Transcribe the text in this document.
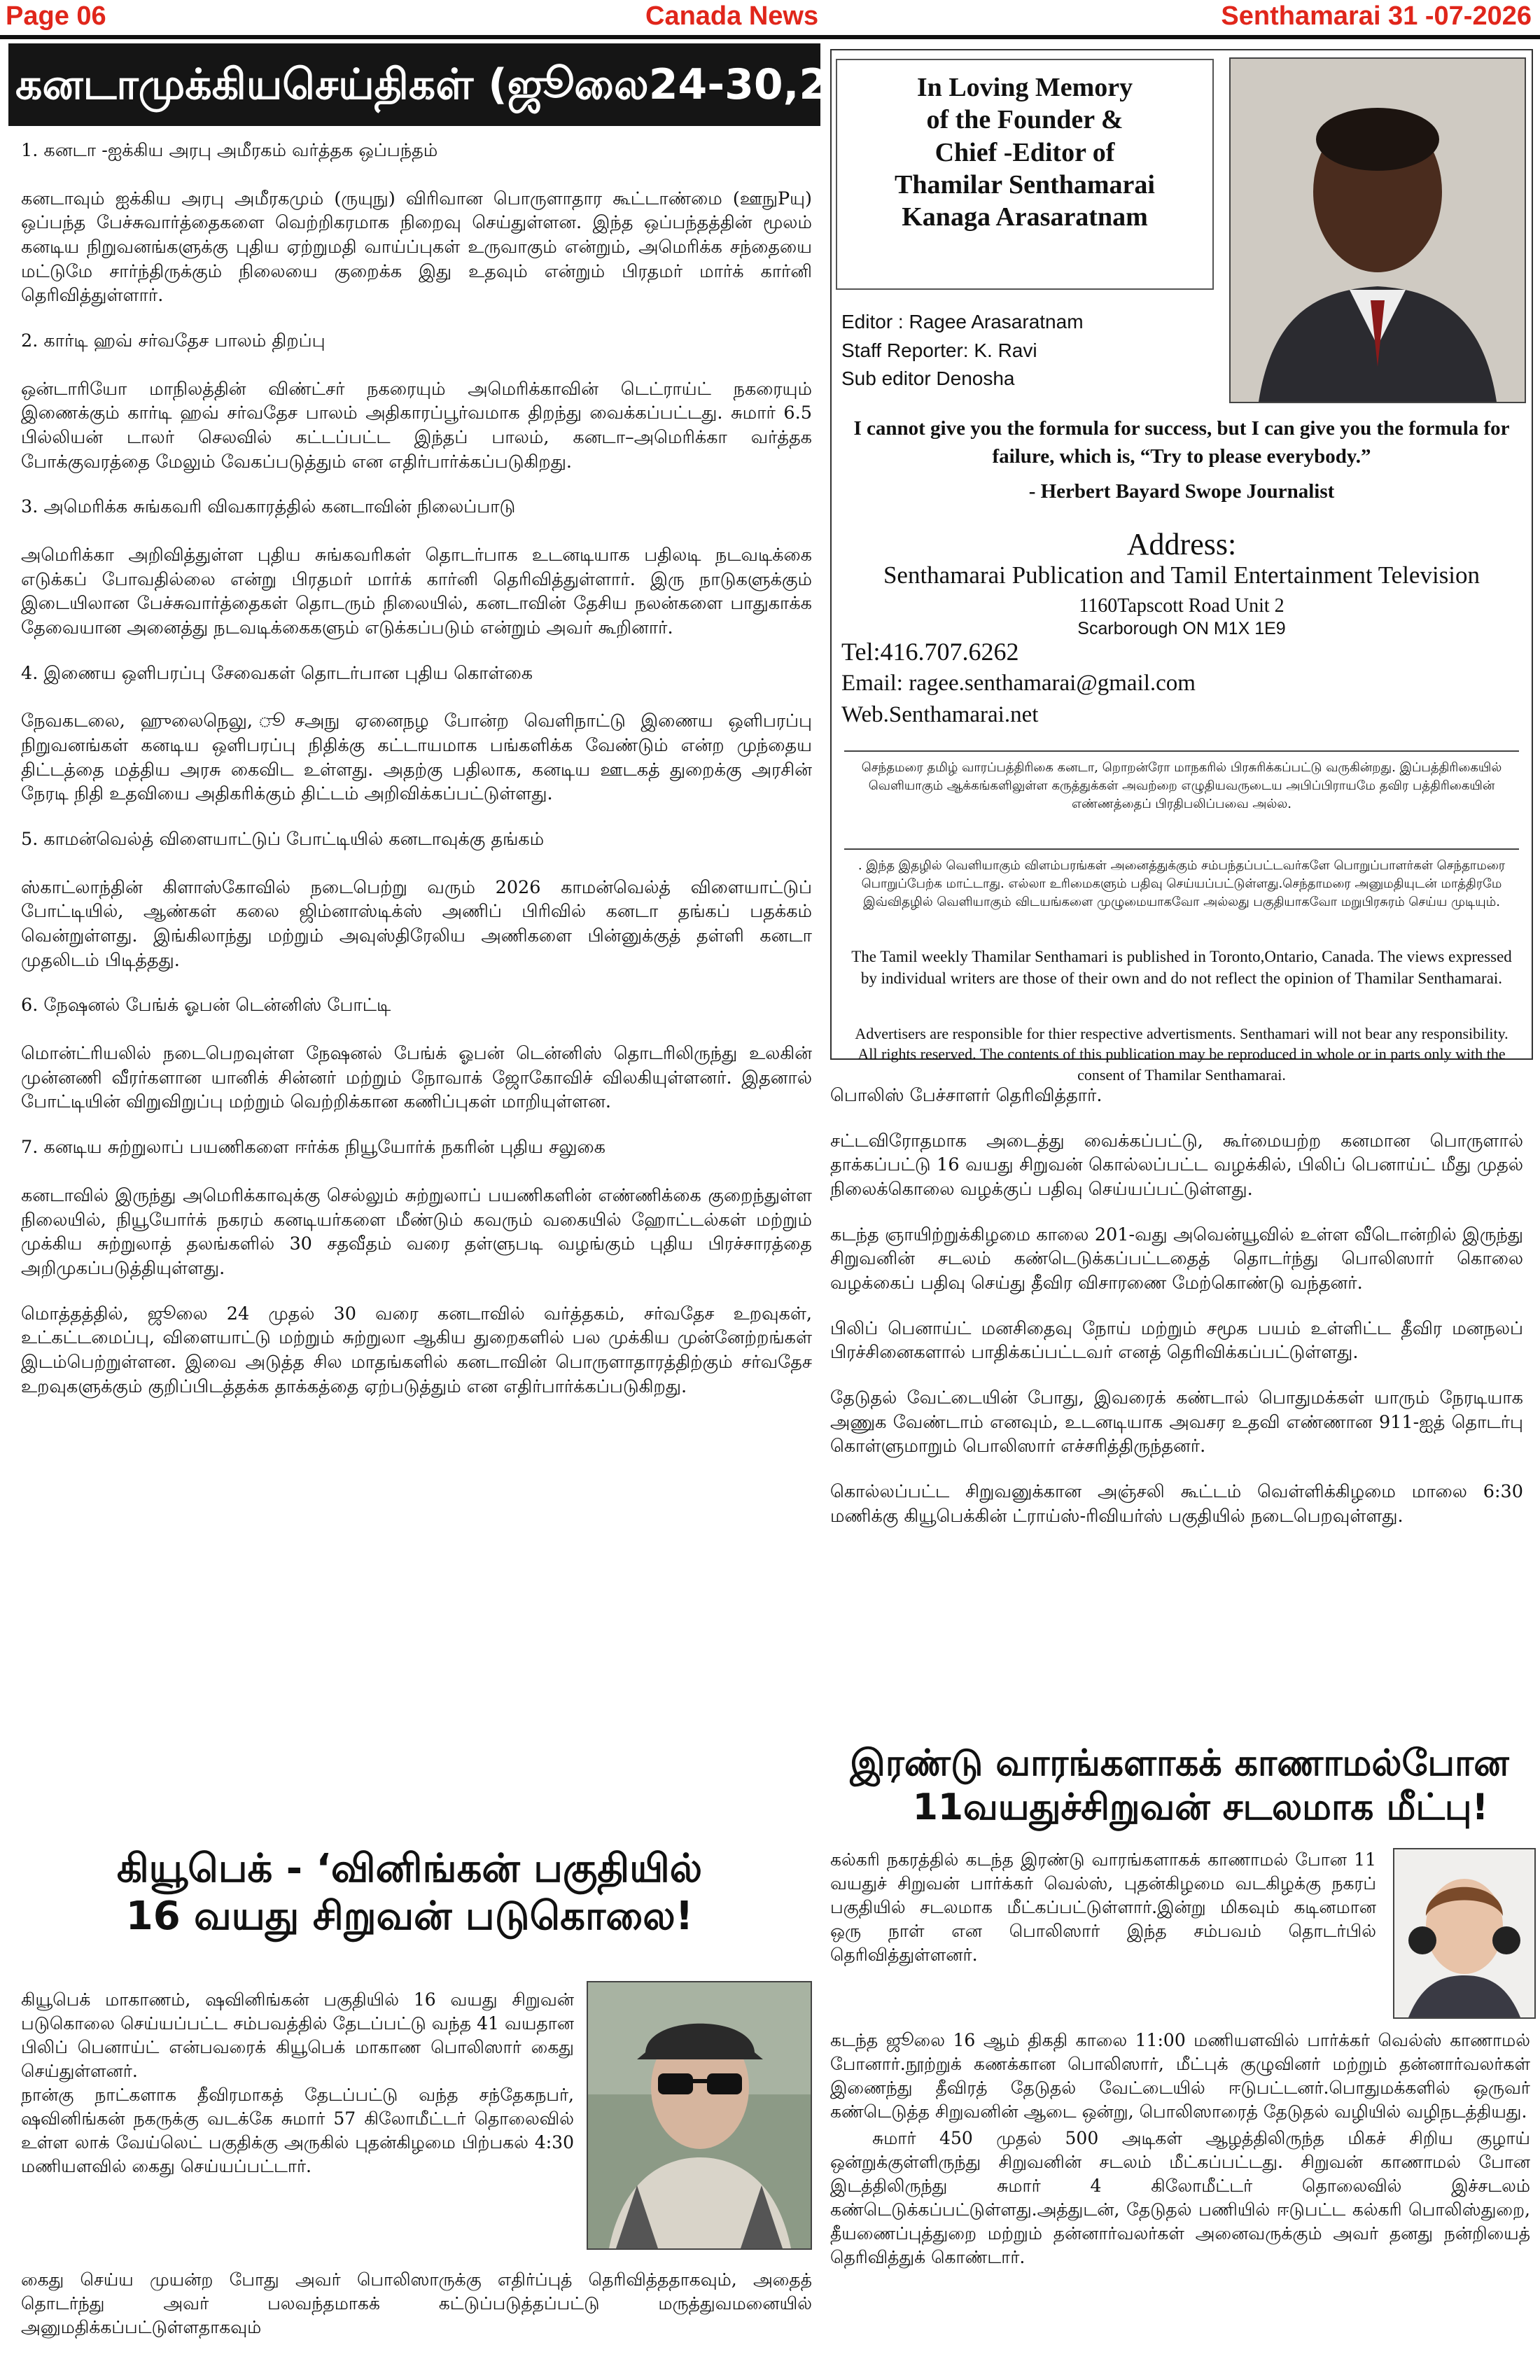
Page 06	Canada News	Senthamarai 31 -07-2026
கனடாமுக்கியசெய்திகள் (ஜூலை24-30,2026)

1. கனடா -ஐக்கிய அரபு அமீரகம் வர்த்தக ஒப்பந்தம்

கனடாவும் ஐக்கிய அரபு அமீரகமும் (ருயுநு) விரிவான பொருளாதார கூட்டாண்மை (ஊநுPயு) ஒப்பந்த பேச்சுவார்த்தைகளை வெற்றிகரமாக நிறைவு செய்துள்ளன. இந்த ஒப்பந்தத்தின் மூலம் கனடிய நிறுவனங்களுக்கு புதிய ஏற்றுமதி வாய்ப்புகள் உருவாகும் என்றும், அமெரிக்க சந்தையை மட்டுமே சார்ந்திருக்கும் நிலையை குறைக்க இது உதவும் என்றும் பிரதமர் மார்க் கார்னி தெரிவித்துள்ளார்.

2. கார்டி ஹவ் சர்வதேச பாலம் திறப்பு

ஒன்டாரியோ மாநிலத்தின் விண்ட்சர் நகரையும் அமெரிக்காவின் டெட்ராய்ட் நகரையும் இணைக்கும் கார்டி ஹவ் சர்வதேச பாலம் அதிகாரப்பூர்வமாக திறந்து வைக்கப்பட்டது. சுமார் 6.5 பில்லியன் டாலர் செலவில் கட்டப்பட்ட இந்தப் பாலம், கனடா–அமெரிக்கா வர்த்தக போக்குவரத்தை மேலும் வேகப்படுத்தும் என எதிர்பார்க்கப்படுகிறது.

3. அமெரிக்க சுங்கவரி விவகாரத்தில் கனடாவின் நிலைப்பாடு

அமெரிக்கா அறிவித்துள்ள புதிய சுங்கவரிகள் தொடர்பாக உடனடியாக பதிலடி நடவடிக்கை எடுக்கப் போவதில்லை என்று பிரதமர் மார்க் கார்னி தெரிவித்துள்ளார். இரு நாடுகளுக்கும் இடையிலான பேச்சுவார்த்தைகள் தொடரும் நிலையில், கனடாவின் தேசிய நலன்களை பாதுகாக்க தேவையான அனைத்து நடவடிக்கைகளும் எடுக்கப்படும் என்றும் அவர் கூறினார்.

4. இணைய ஒளிபரப்பு சேவைகள் தொடர்பான புதிய கொள்கை

நேவகடலை, ஹுலைநெலு, ூசஅநு ஏனைநழ போன்ற வெளிநாட்டு இணைய ஒளிபரப்பு நிறுவனங்கள் கனடிய ஒளிபரப்பு நிதிக்கு கட்டாயமாக பங்களிக்க வேண்டும் என்ற முந்தைய திட்டத்தை மத்திய அரசு கைவிட உள்ளது. அதற்கு பதிலாக, கனடிய ஊடகத் துறைக்கு அரசின் நேரடி நிதி உதவியை அதிகரிக்கும் திட்டம் அறிவிக்கப்பட்டுள்ளது.

5. காமன்வெல்த் விளையாட்டுப் போட்டியில் கனடாவுக்கு தங்கம்

ஸ்காட்லாந்தின் கிளாஸ்கோவில் நடைபெற்று வரும் 2026 காமன்வெல்த் விளையாட்டுப் போட்டியில், ஆண்கள் கலை ஜிம்னாஸ்டிக்ஸ் அணிப் பிரிவில் கனடா தங்கப் பதக்கம் வென்றுள்ளது. இங்கிலாந்து மற்றும் அவுஸ்திரேலிய அணிகளை பின்னுக்குத் தள்ளி கனடா முதலிடம் பிடித்தது.

6. நேஷனல் பேங்க் ஓபன் டென்னிஸ் போட்டி

மொன்ட்ரியலில் நடைபெறவுள்ள நேஷனல் பேங்க் ஓபன் டென்னிஸ் தொடரிலிருந்து உலகின் முன்னணி வீரர்களான யானிக் சின்னர் மற்றும் நோவாக் ஜோகோவிச் விலகியுள்ளனர். இதனால் போட்டியின் விறுவிறுப்பு மற்றும் வெற்றிக்கான கணிப்புகள் மாறியுள்ளன.

7. கனடிய சுற்றுலாப் பயணிகளை ஈர்க்க நியூயோர்க் நகரின் புதிய சலுகை

கனடாவில் இருந்து அமெரிக்காவுக்கு செல்லும் சுற்றுலாப் பயணிகளின் எண்ணிக்கை குறைந்துள்ள நிலையில், நியூயோர்க் நகரம் கனடியர்களை மீண்டும் கவரும் வகையில் ஹோட்டல்கள் மற்றும் முக்கிய சுற்றுலாத் தலங்களில் 30 சதவீதம் வரை தள்ளுபடி வழங்கும் புதிய பிரச்சாரத்தை அறிமுகப்படுத்தியுள்ளது.

மொத்தத்தில், ஜூலை 24 முதல் 30 வரை கனடாவில் வர்த்தகம், சர்வதேச உறவுகள், உட்கட்டமைப்பு, விளையாட்டு மற்றும் சுற்றுலா ஆகிய துறைகளில் பல முக்கிய முன்னேற்றங்கள் இடம்பெற்றுள்ளன. இவை அடுத்த சில மாதங்களில் கனடாவின் பொருளாதாரத்திற்கும் சர்வதேச உறவுகளுக்கும் குறிப்பிடத்தக்க தாக்கத்தை ஏற்படுத்தும் என எதிர்பார்க்கப்படுகிறது.

In Loving Memory
of the Founder &
Chief -Editor of
Thamilar Senthamarai
Kanaga Arasaratnam
Editor : Ragee Arasaratnam
Staff Reporter: K. Ravi
Sub editor Denosha
I cannot give you the formula for success, but I can give you the formula for failure, which is, “Try to please everybody.”
- Herbert Bayard Swope Journalist
Address:
Senthamarai Publication and Tamil Entertainment Television
1160Tapscott Road Unit 2
Scarborough ON M1X 1E9
Tel:416.707.6262
Email: ragee.senthamarai@gmail.com
Web.Senthamarai.net
செந்தமரை தமிழ் வாரப்பத்திரிகை கனடா, றொறன்ரோ மாநகரில் பிரசுரிக்கப்பட்டு வருகின்றது. இப்பத்திரிகையில் வெளியாகும் ஆக்கங்களிலுள்ள கருத்துக்கள் அவற்றை எழுதியவருடைய அபிப்பிராயமே தவிர பத்திரிகையின் எண்ணத்தைப் பிரதிபலிப்பவை அல்ல.
. இந்த இதழில் வெளியாகும் விளம்பரங்கள் அனைத்துக்கும் சம்பந்தப்பட்டவர்களே பொறுப்பாளர்கள் செந்தாமரை பொறுப்பேற்க மாட்டாது. எல்லா உரிமைகளும் பதிவு செய்யப்பட்டுள்ளது.செந்தாமரை அனுமதியுடன் மாத்திரமே இவ்விதழில் வெளியாகும் விடயங்களை முழுமையாகவோ அல்லது பகுதியாகவோ மறுபிரசுரம் செய்ய முடியும்.
The Tamil weekly Thamilar Senthamari is published in Toronto,Ontario, Canada. The views expressed by individual writers are those of their own and do not reflect the opinion of Thamilar Senthamarai.
Advertisers are responsible for thier respective advertisments. Senthamari will not bear any responsibility. All rights reserved. The contents of this publication may be reproduced in whole or in parts only with the consent of Thamilar Senthamarai.

பொலிஸ் பேச்சாளர் தெரிவித்தார்.

சட்டவிரோதமாக அடைத்து வைக்கப்பட்டு, கூர்மையற்ற கனமான பொருளால் தாக்கப்பட்டு 16 வயது சிறுவன் கொல்லப்பட்ட வழக்கில், பிலிப் பெனாய்ட் மீது முதல் நிலைக்கொலை வழக்குப் பதிவு செய்யப்பட்டுள்ளது.

கடந்த ஞாயிற்றுக்கிழமை காலை 201-வது அவென்யூவில் உள்ள வீடொன்றில் இருந்து சிறுவனின் சடலம் கண்டெடுக்கப்பட்டதைத் தொடர்ந்து பொலிஸார் கொலை வழக்கைப் பதிவு செய்து தீவிர விசாரணை மேற்கொண்டு வந்தனர்.

பிலிப் பெனாய்ட் மனசிதைவு நோய் மற்றும் சமூக பயம் உள்ளிட்ட தீவிர மனநலப் பிரச்சினைகளால் பாதிக்கப்பட்டவர் எனத் தெரிவிக்கப்பட்டுள்ளது.

தேடுதல் வேட்டையின் போது, இவரைக் கண்டால் பொதுமக்கள் யாரும் நேரடியாக அணுக வேண்டாம் எனவும், உடனடியாக அவசர உதவி எண்ணான 911-ஐத் தொடர்பு கொள்ளுமாறும் பொலிஸார் எச்சரித்திருந்தனர்.

கொல்லப்பட்ட சிறுவனுக்கான அஞ்சலி கூட்டம் வெள்ளிக்கிழமை மாலை 6:30 மணிக்கு கியூபெக்கின் ட்ராய்ஸ்-ரிவியர்ஸ் பகுதியில் நடைபெறவுள்ளது.

இரண்டு வாரங்களாகக் காணாமல்போன
11வயதுச்சிறுவன் சடலமாக மீட்பு!
கல்கரி நகரத்தில் கடந்த இரண்டு வாரங்களாகக் காணாமல் போன 11 வயதுச் சிறுவன் பார்க்கர் வெல்ஸ், புதன்கிழமை வடகிழக்கு நகரப் பகுதியில் சடலமாக மீட்கப்பட்டுள்ளார்.இன்று மிகவும் கடினமான ஒரு நாள் என பொலிஸார் இந்த சம்பவம் தொடர்பில் தெரிவித்துள்ளனர்.

கடந்த ஜூலை 16 ஆம் திகதி காலை 11:00 மணியளவில் பார்க்கர் வெல்ஸ் காணாமல் போனார்.நூற்றுக் கணக்கான பொலிஸார், மீட்புக் குழுவினர் மற்றும் தன்னார்வலர்கள் இணைந்து தீவிரத் தேடுதல் வேட்டையில் ஈடுபட்டனர்.பொதுமக்களில் ஒருவர் கண்டெடுத்த சிறுவனின் ஆடை ஒன்று, பொலிஸாரைத் தேடுதல் வழியில் வழிநடத்தியது.

சுமார் 450 முதல் 500 அடிகள் ஆழத்திலிருந்த மிகச் சிறிய குழாய் ஒன்றுக்குள்ளிருந்து சிறுவனின் சடலம் மீட்கப்பட்டது. சிறுவன் காணாமல் போன இடத்திலிருந்து சுமார் 4 கிலோமீட்டர் தொலைவில் இச்சடலம் கண்டெடுக்கப்பட்டுள்ளது.அத்துடன், தேடுதல் பணியில் ஈடுபட்ட கல்கரி பொலிஸ்துறை, தீயணைப்புத்துறை மற்றும் தன்னார்வலர்கள் அனைவருக்கும் அவர் தனது நன்றியைத் தெரிவித்துக் கொண்டார்.

கியூபெக் - ‘வினிங்கன் பகுதியில்
16 வயது சிறுவன் படுகொலை!

கியூபெக் மாகாணம், ஷவினிங்கன் பகுதியில் 16 வயது சிறுவன் படுகொலை செய்யப்பட்ட சம்பவத்தில் தேடப்பட்டு வந்த 41 வயதான பிலிப் பெனாய்ட் என்பவரைக் கியூபெக் மாகாண பொலிஸார் கைது செய்துள்ளனர்.

நான்கு நாட்களாக தீவிரமாகத் தேடப்பட்டு வந்த சந்தேகநபர், ஷவினிங்கன் நகருக்கு வடக்கே சுமார் 57 கிலோமீட்டர் தொலைவில் உள்ள லாக் வேய்லெட் பகுதிக்கு அருகில் புதன்கிழமை பிற்பகல் 4:30 மணியளவில் கைது செய்யப்பட்டார்.

கைது செய்ய முயன்ற போது அவர் பொலிஸாருக்கு எதிர்ப்புத் தெரிவித்ததாகவும், அதைத் தொடர்ந்து அவர் பலவந்தமாகக் கட்டுப்படுத்தப்பட்டு மருத்துவமனையில் அனுமதிக்கப்பட்டுள்ளதாகவும்
